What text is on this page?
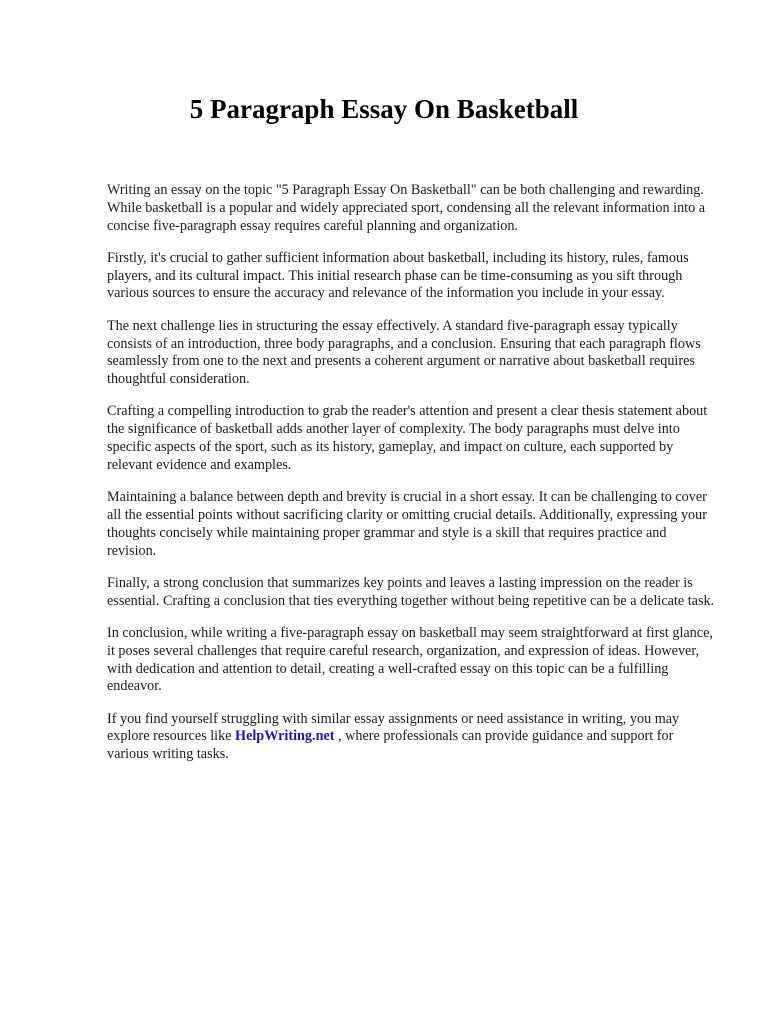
5 Paragraph Essay On Basketball

Writing an essay on the topic "5 Paragraph Essay On Basketball" can be both challenging and rewarding. While basketball is a popular and widely appreciated sport, condensing all the relevant information into a concise five-paragraph essay requires careful planning and organization.

Firstly, it's crucial to gather sufficient information about basketball, including its history, rules, famous players, and its cultural impact. This initial research phase can be time-consuming as you sift through various sources to ensure the accuracy and relevance of the information you include in your essay.

The next challenge lies in structuring the essay effectively. A standard five-paragraph essay typically consists of an introduction, three body paragraphs, and a conclusion. Ensuring that each paragraph flows seamlessly from one to the next and presents a coherent argument or narrative about basketball requires thoughtful consideration.

Crafting a compelling introduction to grab the reader's attention and present a clear thesis statement about the significance of basketball adds another layer of complexity. The body paragraphs must delve into specific aspects of the sport, such as its history, gameplay, and impact on culture, each supported by relevant evidence and examples.

Maintaining a balance between depth and brevity is crucial in a short essay. It can be challenging to cover all the essential points without sacrificing clarity or omitting crucial details. Additionally, expressing your thoughts concisely while maintaining proper grammar and style is a skill that requires practice and revision.

Finally, a strong conclusion that summarizes key points and leaves a lasting impression on the reader is essential. Crafting a conclusion that ties everything together without being repetitive can be a delicate task.

In conclusion, while writing a five-paragraph essay on basketball may seem straightforward at first glance, it poses several challenges that require careful research, organization, and expression of ideas. However, with dedication and attention to detail, creating a well-crafted essay on this topic can be a fulfilling endeavor.

If you find yourself struggling with similar essay assignments or need assistance in writing, you may explore resources like HelpWriting.net , where professionals can provide guidance and support for various writing tasks.
